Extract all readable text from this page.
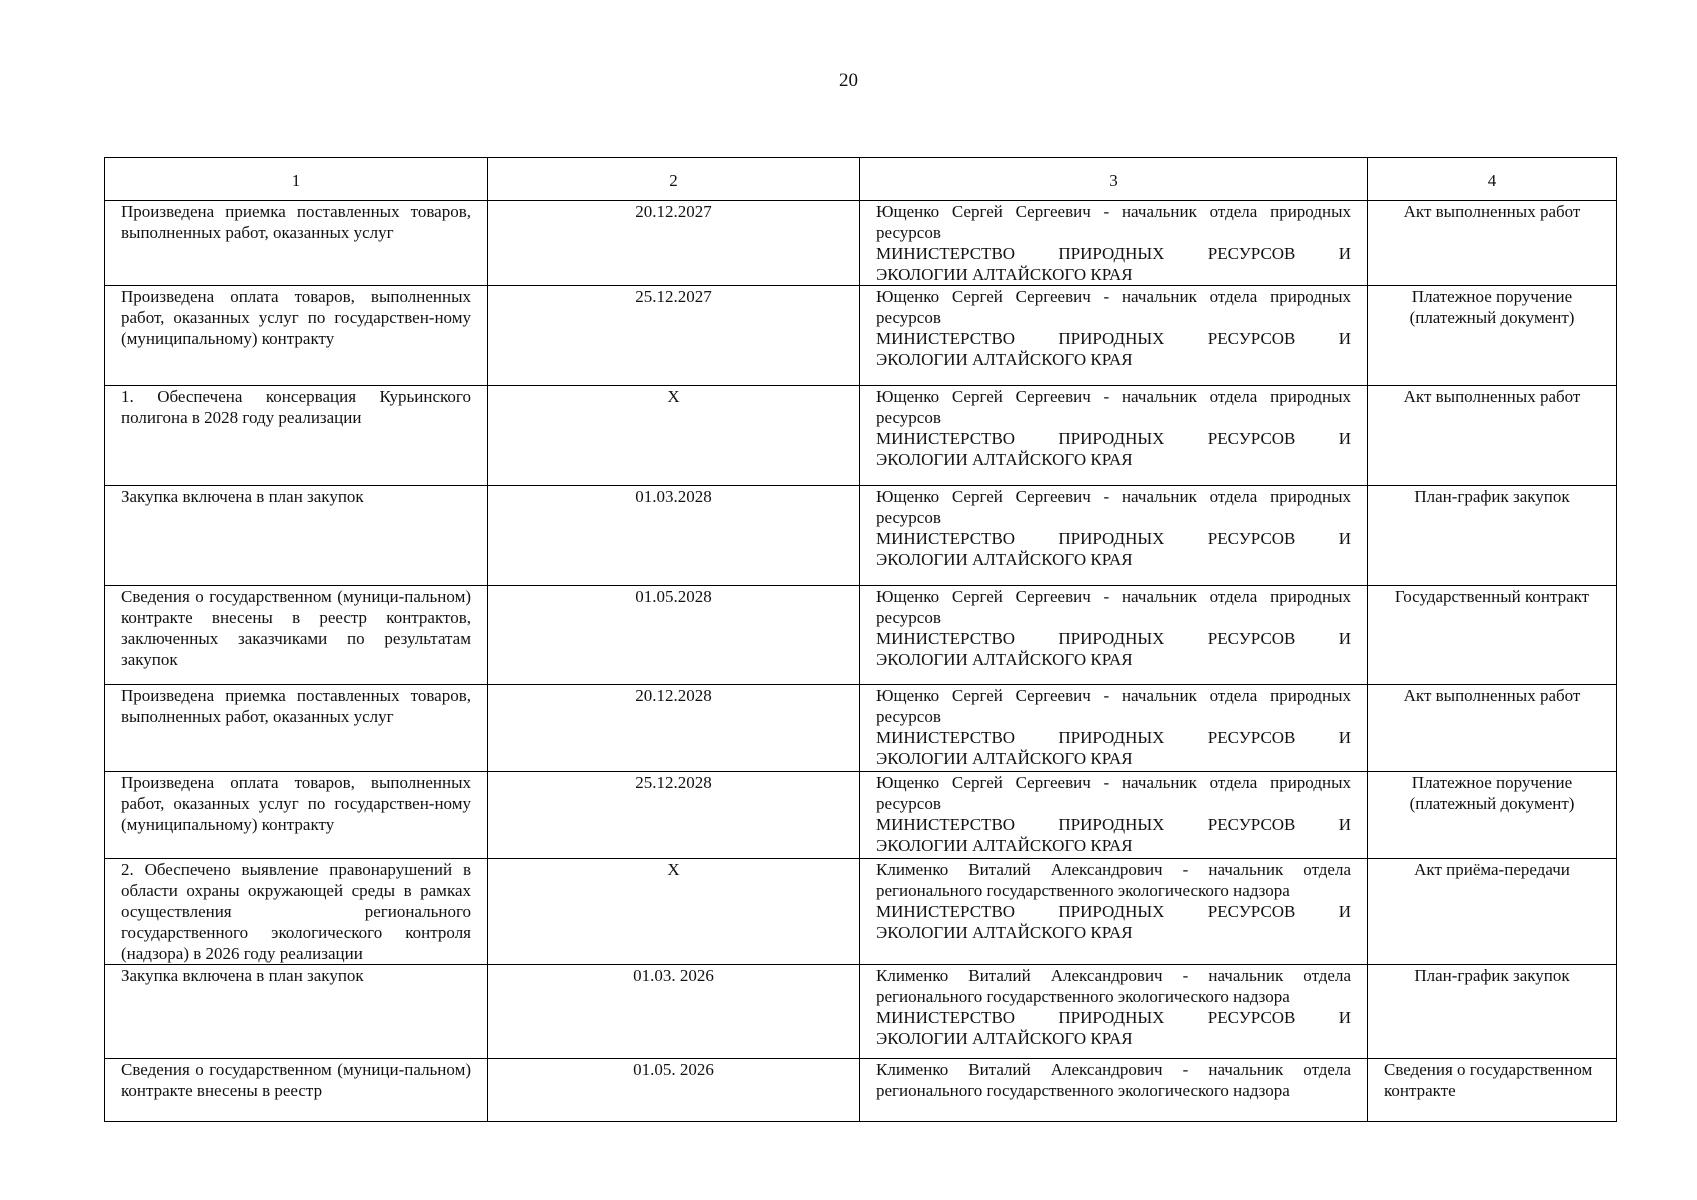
20
1	2	3	4
Произведена приемка поставленных товаров, выполненных работ, оказанных услуг	20.12.2027	Ющенко Сергей Сергеевич - начальник отдела природных ресурсов
МИНИСТЕРСТВО ПРИРОДНЫХ РЕСУРСОВ И
ЭКОЛОГИИ АЛТАЙСКОГО КРАЯ	Акт выполненных работ
Произведена оплата товаров, выполненных работ, оказанных услуг по государствен-ному (муниципальному) контракту	25.12.2027	Ющенко Сергей Сергеевич - начальник отдела природных ресурсов
МИНИСТЕРСТВО ПРИРОДНЫХ РЕСУРСОВ И
ЭКОЛОГИИ АЛТАЙСКОГО КРАЯ	Платежное поручение (платежный документ)
1. Обеспечена консервация Курьинского полигона в 2028 году реализации	X	Ющенко Сергей Сергеевич - начальник отдела природных ресурсов
МИНИСТЕРСТВО ПРИРОДНЫХ РЕСУРСОВ И
ЭКОЛОГИИ АЛТАЙСКОГО КРАЯ	Акт выполненных работ
Закупка включена в план закупок	01.03.2028	Ющенко Сергей Сергеевич - начальник отдела природных ресурсов
МИНИСТЕРСТВО ПРИРОДНЫХ РЕСУРСОВ И
ЭКОЛОГИИ АЛТАЙСКОГО КРАЯ	План-график закупок
Сведения о государственном (муници-пальном) контракте внесены в реестр контрактов, заключенных заказчиками по результатам закупок	01.05.2028	Ющенко Сергей Сергеевич - начальник отдела природных ресурсов
МИНИСТЕРСТВО ПРИРОДНЫХ РЕСУРСОВ И
ЭКОЛОГИИ АЛТАЙСКОГО КРАЯ	Государственный контракт
Произведена приемка поставленных товаров, выполненных работ, оказанных услуг	20.12.2028	Ющенко Сергей Сергеевич - начальник отдела природных ресурсов
МИНИСТЕРСТВО ПРИРОДНЫХ РЕСУРСОВ И
ЭКОЛОГИИ АЛТАЙСКОГО КРАЯ	Акт выполненных работ
Произведена оплата товаров, выполненных работ, оказанных услуг по государствен-ному (муниципальному) контракту	25.12.2028	Ющенко Сергей Сергеевич - начальник отдела природных ресурсов
МИНИСТЕРСТВО ПРИРОДНЫХ РЕСУРСОВ И
ЭКОЛОГИИ АЛТАЙСКОГО КРАЯ	Платежное поручение (платежный документ)
2. Обеспечено выявление правонарушений в области охраны окружающей среды в рамках осуществления регионального государственного экологического контроля (надзора) в 2026 году реализации	X	Клименко Виталий Александрович - начальник отдела регионального государственного экологического надзора
МИНИСТЕРСТВО ПРИРОДНЫХ РЕСУРСОВ И
ЭКОЛОГИИ АЛТАЙСКОГО КРАЯ	Акт приёма-передачи
Закупка включена в план закупок	01.03. 2026	Клименко Виталий Александрович - начальник отдела регионального государственного экологического надзора
МИНИСТЕРСТВО ПРИРОДНЫХ РЕСУРСОВ И
ЭКОЛОГИИ АЛТАЙСКОГО КРАЯ	План-график закупок
Сведения о государственном (муници-пальном) контракте внесены в реестр	01.05. 2026	Клименко Виталий Александрович - начальник отдела регионального государственного экологического надзора	Сведения о государственном контракте
